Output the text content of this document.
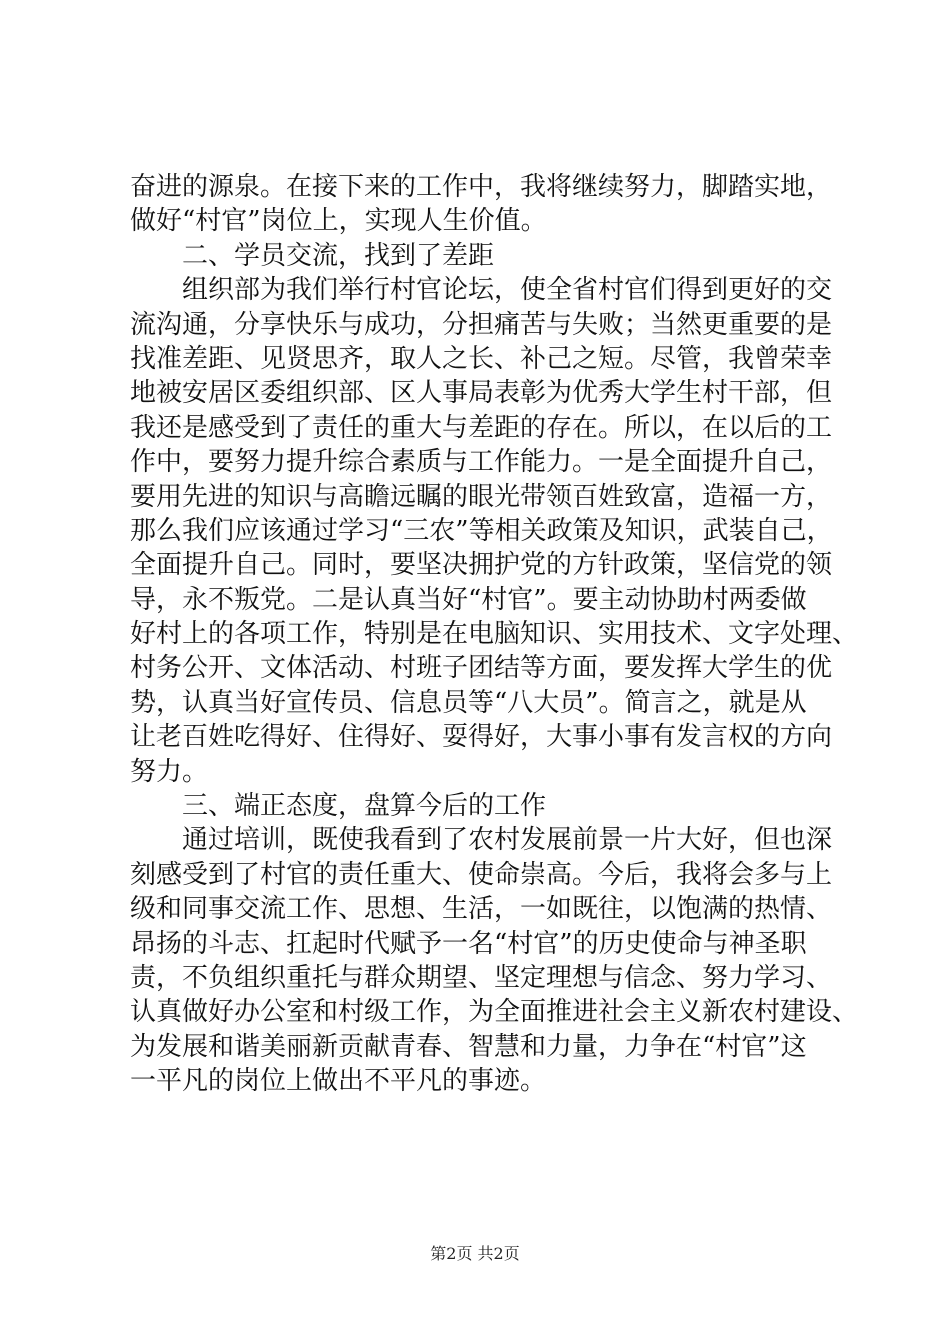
奋进的源泉。在接下来的工作中，我将继续努力，脚踏实地，
做好“村官”岗位上，实现人生价值。
二、学员交流，找到了差距
组织部为我们举行村官论坛，使全省村官们得到更好的交
流沟通，分享快乐与成功，分担痛苦与失败；当然更重要的是
找准差距、见贤思齐，取人之长、补己之短。尽管，我曾荣幸
地被安居区委组织部、区人事局表彰为优秀大学生村干部，但
我还是感受到了责任的重大与差距的存在。所以，在以后的工
作中，要努力提升综合素质与工作能力。一是全面提升自己，
要用先进的知识与高瞻远瞩的眼光带领百姓致富，造福一方，
那么我们应该通过学习“三农”等相关政策及知识，武装自己，
全面提升自己。同时，要坚决拥护党的方针政策，坚信党的领
导，永不叛党。二是认真当好“村官”。要主动协助村两委做
好村上的各项工作，特别是在电脑知识、实用技术、文字处理、
村务公开、文体活动、村班子团结等方面，要发挥大学生的优
势，认真当好宣传员、信息员等“八大员”。简言之，就是从
让老百姓吃得好、住得好、耍得好，大事小事有发言权的方向
努力。
三、端正态度，盘算今后的工作
通过培训，既使我看到了农村发展前景一片大好，但也深
刻感受到了村官的责任重大、使命崇高。今后，我将会多与上
级和同事交流工作、思想、生活，一如既往，以饱满的热情、
昂扬的斗志、扛起时代赋予一名“村官”的历史使命与神圣职
责，不负组织重托与群众期望、坚定理想与信念、努力学习、
认真做好办公室和村级工作，为全面推进社会主义新农村建设、
为发展和谐美丽新贡献青春、智慧和力量，力争在“村官”这
一平凡的岗位上做出不平凡的事迹。
第2页 共2页
